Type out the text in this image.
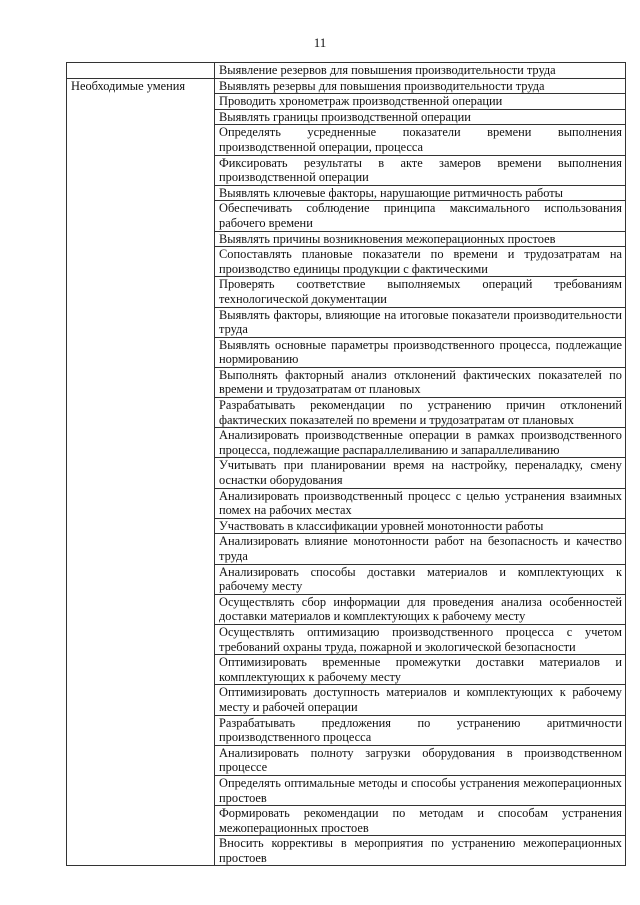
11
	Выявление резервов для повышения производительности труда
Необходимые умения	Выявлять резервы для повышения производительности труда
	Проводить хронометраж производственной операции
	Выявлять границы производственной операции
	Определять усредненные показатели времени выполнения производственной операции, процесса
	Фиксировать результаты в акте замеров времени выполнения производственной операции
	Выявлять ключевые факторы, нарушающие ритмичность работы
	Обеспечивать соблюдение принципа максимального использования рабочего времени
	Выявлять причины возникновения межоперационных простоев
	Сопоставлять плановые показатели по времени и трудозатратам на производство единицы продукции с фактическими
	Проверять соответствие выполняемых операций требованиям технологической документации
	Выявлять факторы, влияющие на итоговые показатели производительности труда
	Выявлять основные параметры производственного процесса, подлежащие нормированию
	Выполнять факторный анализ отклонений фактических показателей по времени и трудозатратам от плановых
	Разрабатывать рекомендации по устранению причин отклонений фактических показателей по времени и трудозатратам от плановых
	Анализировать производственные операции в рамках производственного процесса, подлежащие распараллеливанию и запараллеливанию
	Учитывать при планировании время на настройку, переналадку, смену оснастки оборудования
	Анализировать производственный процесс с целью устранения взаимных помех на рабочих местах
	Участвовать в классификации уровней монотонности работы
	Анализировать влияние монотонности работ на безопасность и качество труда
	Анализировать способы доставки материалов и комплектующих к рабочему месту
	Осуществлять сбор информации для проведения анализа особенностей доставки материалов и комплектующих к рабочему месту
	Осуществлять оптимизацию производственного процесса с учетом требований охраны труда, пожарной и экологической безопасности
	Оптимизировать временные промежутки доставки материалов и комплектующих к рабочему месту
	Оптимизировать доступность материалов и комплектующих к рабочему месту и рабочей операции
	Разрабатывать предложения по устранению аритмичности производственного процесса
	Анализировать полноту загрузки оборудования в производственном процессе
	Определять оптимальные методы и способы устранения межоперационных простоев
	Формировать рекомендации по методам и способам устранения межоперационных простоев
	Вносить коррективы в мероприятия по устранению межоперационных простоев
